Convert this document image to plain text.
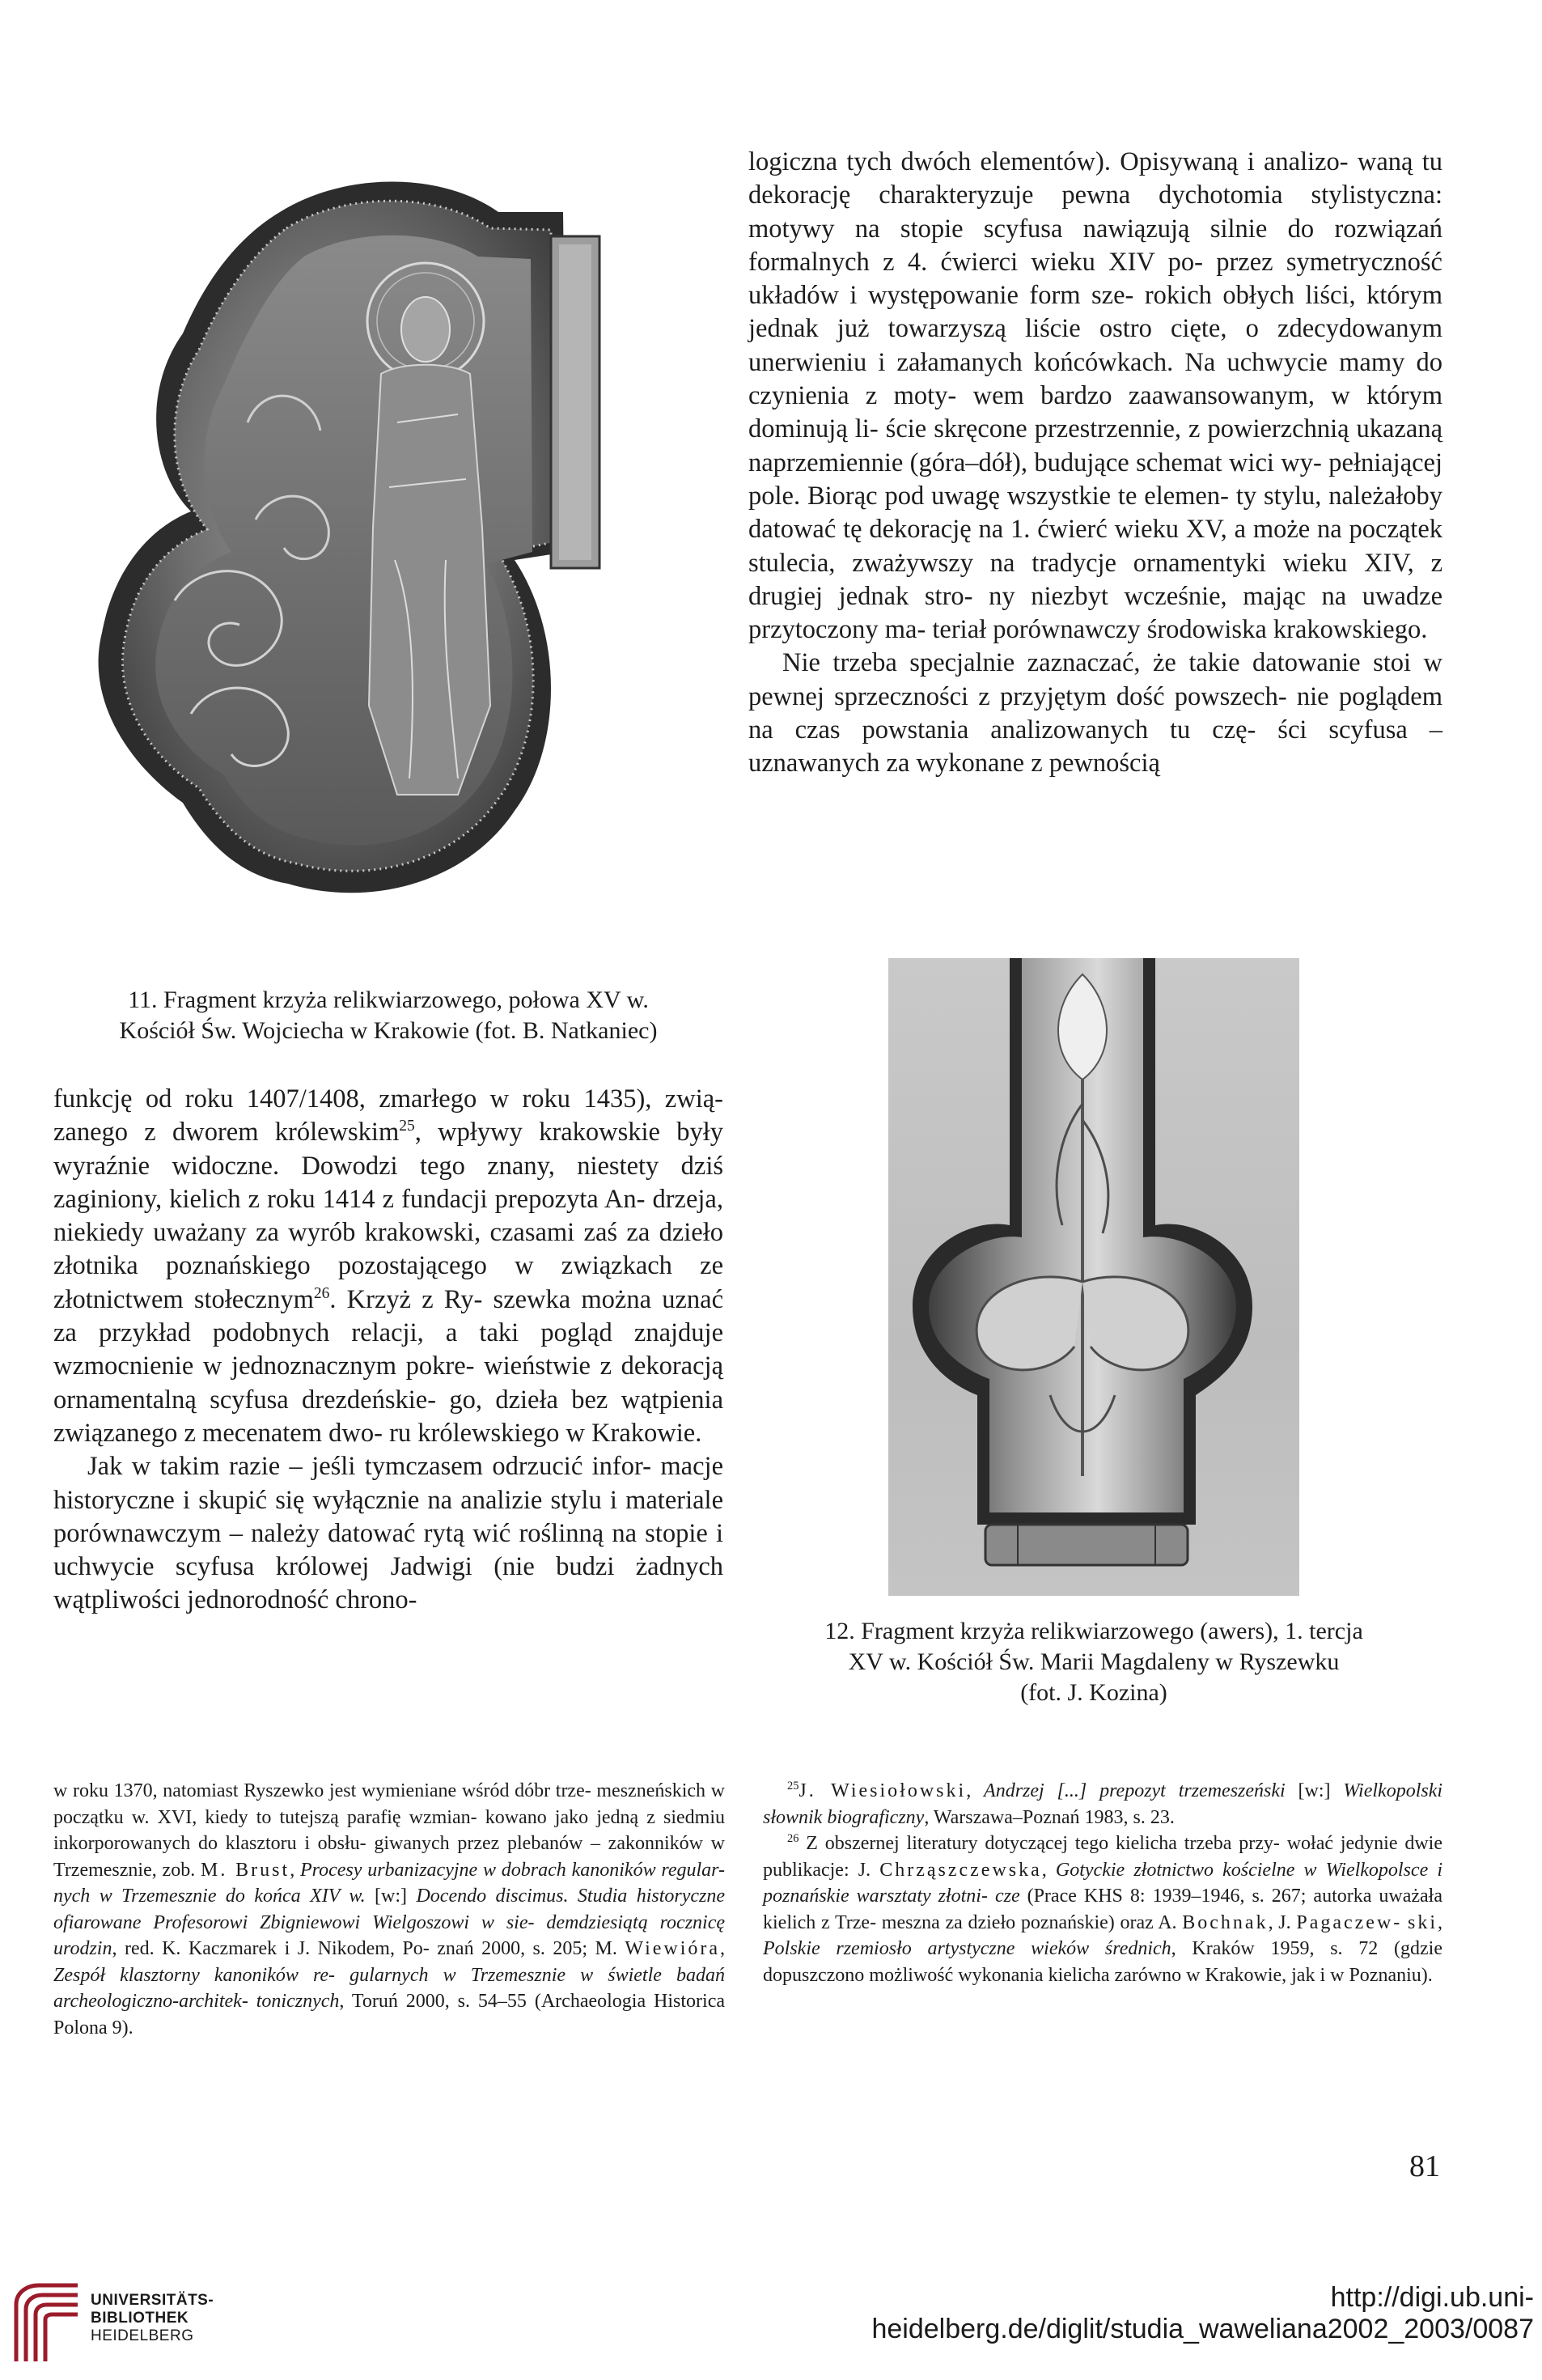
logiczna tych dwóch elementów). Opisywaną i analizo- waną tu dekorację charakteryzuje pewna dychotomia stylistyczna: motywy na stopie scyfusa nawiązują silnie do rozwiązań formalnych z 4. ćwierci wieku XIV po- przez symetryczność układów i występowanie form sze- rokich obłych liści, którym jednak już towarzyszą liście ostro cięte, o zdecydowanym unerwieniu i załamanych końcówkach. Na uchwycie mamy do czynienia z moty- wem bardzo zaawansowanym, w którym dominują li- ście skręcone przestrzennie, z powierzchnią ukazaną naprzemiennie (góra–dół), budujące schemat wici wy- pełniającej pole. Biorąc pod uwagę wszystkie te elemen- ty stylu, należałoby datować tę dekorację na 1. ćwierć wieku XV, a może na początek stulecia, zważywszy na tradycje ornamentyki wieku XIV, z drugiej jednak stro- ny niezbyt wcześnie, mając na uwadze przytoczony ma- teriał porównawczy środowiska krakowskiego.

Nie trzeba specjalnie zaznaczać, że takie datowanie stoi w pewnej sprzeczności z przyjętym dość powszech- nie poglądem na czas powstania analizowanych tu czę- ści scyfusa – uznawanych za wykonane z pewnością

11. Fragment krzyża relikwiarzowego, połowa XV w.
Kościół Św. Wojciecha w Krakowie (fot. B. Natkaniec)

funkcję od roku 1407/1408, zmarłego w roku 1435), zwią- zanego z dworem królewskim$^{25}$, wpływy krakowskie były wyraźnie widoczne. Dowodzi tego znany, niestety dziś zaginiony, kielich z roku 1414 z fundacji prepozyta An- drzeja, niekiedy uważany za wyrób krakowski, czasami zaś za dzieło złotnika poznańskiego pozostającego w związkach ze złotnictwem stołecznym$^{26}$. Krzyż z Ry- szewka można uznać za przykład podobnych relacji, a taki pogląd znajduje wzmocnienie w jednoznacznym pokre- wieństwie z dekoracją ornamentalną scyfusa drezdeńskie- go, dzieła bez wątpienia związanego z mecenatem dwo- ru królewskiego w Krakowie.

Jak w takim razie – jeśli tymczasem odrzucić infor- macje historyczne i skupić się wyłącznie na analizie stylu i materiale porównawczym – należy datować rytą wić roślinną na stopie i uchwycie scyfusa królowej Jadwigi (nie budzi żadnych wątpliwości jednorodność chrono-

12. Fragment krzyża relikwiarzowego (awers), 1. tercja
XV w. Kościół Św. Marii Magdaleny w Ryszewku
(fot. J. Kozina)

w roku 1370, natomiast Ryszewko jest wymieniane wśród dóbr trze- meszneńskich w początku w. XVI, kiedy to tutejszą parafię wzmian- kowano jako jedną z siedmiu inkorporowanych do klasztoru i obsłu- giwanych przez plebanów – zakonników w Trzemesznie, zob. M. Brust, Procesy urbanizacyjne w dobrach kanoników regular- nych w Trzemesznie do końca XIV w. [w:] Docendo discimus. Studia historyczne ofiarowane Profesorowi Zbigniewowi Wielgoszowi w sie- demdziesiątą rocznicę urodzin, red. K. Kaczmarek i J. Nikodem, Po- znań 2000, s. 205; M. Wiewióra, Zespół klasztorny kanoników re- gularnych w Trzemesznie w świetle badań archeologiczno-architek- tonicznych, Toruń 2000, s. 54–55 (Archaeologia Historica Polona 9).

$^{25}$J. Wiesiołowski, Andrzej [...] prepozyt trzemeszeński [w:] Wielkopolski słownik biograficzny, Warszawa–Poznań 1983, s. 23.

$^{26}$ Z obszernej literatury dotyczącej tego kielicha trzeba przy- wołać jedynie dwie publikacje: J. Chrząszczewska, Gotyckie złotnictwo kościelne w Wielkopolsce i poznańskie warsztaty złotni- cze (Prace KHS 8: 1939–1946, s. 267; autorka uważała kielich z Trze- meszna za dzieło poznańskie) oraz A. Bochnak, J. Pagaczew- ski, Polskie rzemiosło artystyczne wieków średnich, Kraków 1959, s. 72 (gdzie dopuszczono możliwość wykonania kielicha zarówno w Krakowie, jak i w Poznaniu).

81
UNIVERSITÄTS-
BIBLIOTHEK
HEIDELBERG
http://digi.ub.uni-heidelberg.de/diglit/studia_waweliana2002_2003/0087
